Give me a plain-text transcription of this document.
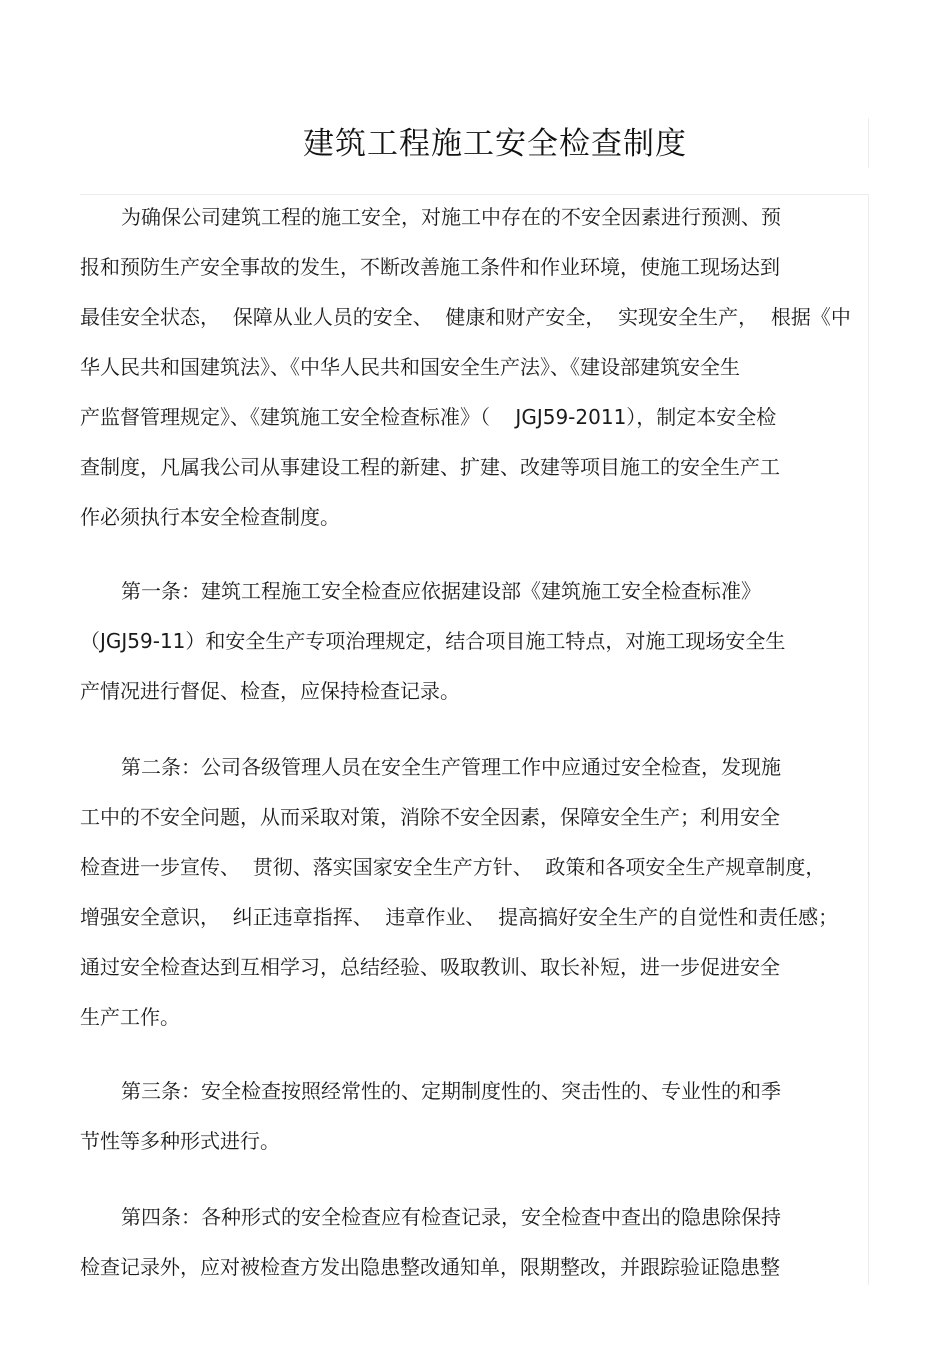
建筑工程施工安全检查制度
为确保公司建筑工程的施工安全，对施工中存在的不安全因素进行预测、预
报和预防生产安全事故的发生，不断改善施工条件和作业环境，使施工现场达到
最佳安全状态，  保障从业人员的安全、  健康和财产安全，  实现安全生产，  根据《中
华人民共和国建筑法》、《中华人民共和国安全生产法》、《建设部建筑安全生
产监督管理规定》、《建筑施工安全检查标准》（    JGJ59-2011），制定本安全检
查制度，凡属我公司从事建设工程的新建、扩建、改建等项目施工的安全生产工
作必须执行本安全检查制度。
第一条：建筑工程施工安全检查应依据建设部《建筑施工安全检查标准》
（JGJ59-11）和安全生产专项治理规定，结合项目施工特点，对施工现场安全生
产情况进行督促、检查，应保持检查记录。
第二条：公司各级管理人员在安全生产管理工作中应通过安全检查，发现施
工中的不安全问题，从而采取对策，消除不安全因素，保障安全生产；利用安全
检查进一步宣传、  贯彻、落实国家安全生产方针、  政策和各项安全生产规章制度，
增强安全意识，  纠正违章指挥、  违章作业、  提高搞好安全生产的自觉性和责任感；
通过安全检查达到互相学习，总结经验、吸取教训、取长补短，进一步促进安全
生产工作。
第三条：安全检查按照经常性的、定期制度性的、突击性的、专业性的和季
节性等多种形式进行。
第四条：各种形式的安全检查应有检查记录，安全检查中查出的隐患除保持
检查记录外，应对被检查方发出隐患整改通知单，限期整改，并跟踪验证隐患整
